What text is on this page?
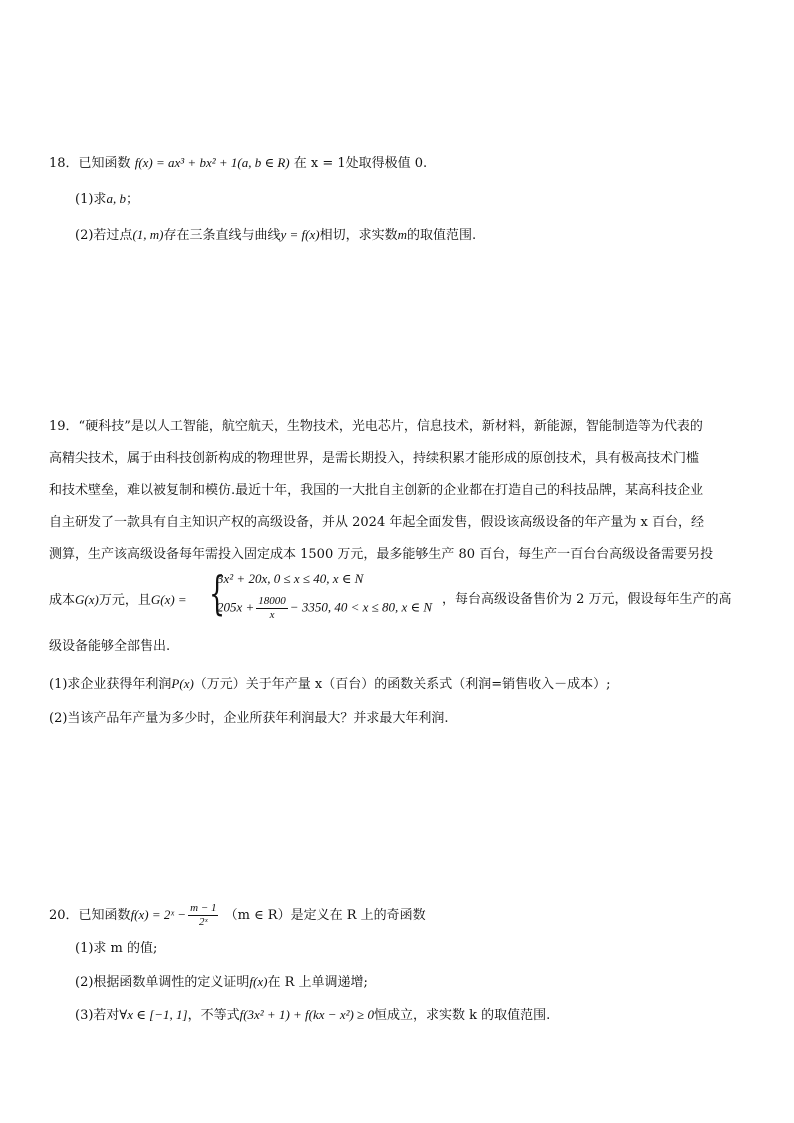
18．已知函数 f(x) = ax³ + bx² + 1(a, b ∈ R) 在 x = 1处取得极值 0.
(1)求a, b；
(2)若过点(1, m)存在三条直线与曲线y = f(x)相切，求实数m的取值范围.
19．“硬科技”是以人工智能，航空航天，生物技术，光电芯片，信息技术，新材料，新能源，智能制造等为代表的
高精尖技术，属于由科技创新构成的物理世界，是需长期投入，持续积累才能形成的原创技术，具有极高技术门槛
和技术壁垒，难以被复制和模仿.最近十年，我国的一大批自主创新的企业都在打造自己的科技品牌，某高科技企业
自主研发了一款具有自主知识产权的高级设备，并从 2024 年起全面发售，假设该高级设备的年产量为 x 百台，经
测算，生产该高级设备每年需投入固定成本 1500 万元，最多能够生产 80 百台，每生产一百台台高级设备需要另投
成本G(x)万元，且G(x) = {
3x² + 20x, 0 ≤ x ≤ 40, x ∈ N
$205x + \frac{18000}{x} - 3350$, 40 < x ≤ 80, x ∈ N ，每台高级设备售价为 2 万元，假设每年生产的高
级设备能够全部售出.
(1)求企业获得年利润P(x)（万元）关于年产量 x（百台）的函数关系式（利润=销售收入－成本）;
(2)当该产品年产量为多少时，企业所获年利润最大？并求最大年利润.
20．已知函数f(x) = 2ˣ − $\frac{m - 1}{\text{2ˣ}} (m$ ∈ R）是定义在 R 上的奇函数
(1)求 m 的值;
(2)根据函数单调性的定义证明f(x)在 R 上单调递增;
(3)若对∀x ∈ [−1, 1]，不等式f(3x² + 1) + f(kx − x²) ≥ 0恒成立，求实数 k 的取值范围.
